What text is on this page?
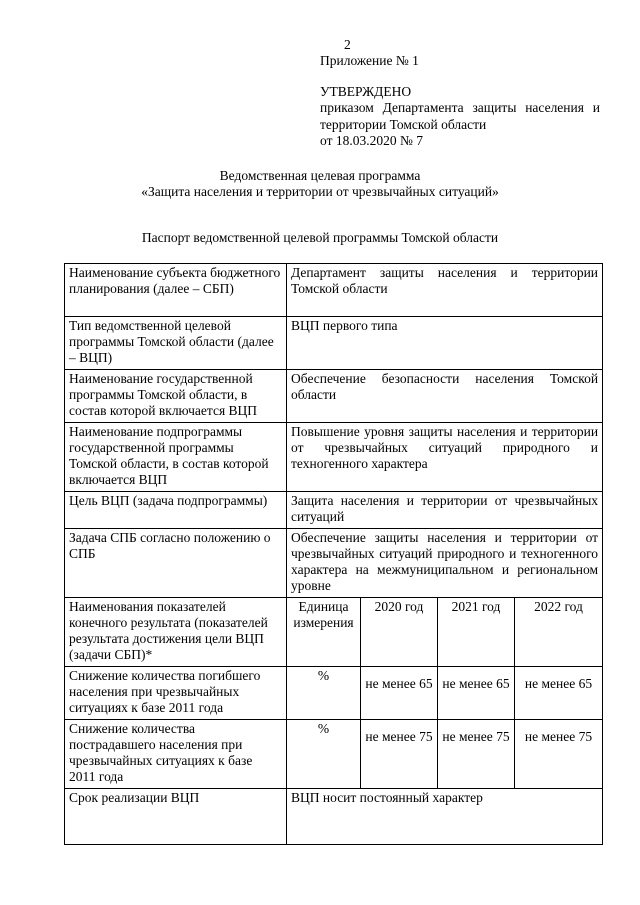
2
Приложение № 1
УТВЕРЖДЕНО
приказом Департамента защиты населения и
территории Томской области
от 18.03.2020 № 7
Ведомственная целевая программа
«Защита населения и территории от чрезвычайных ситуаций»
Паспорт ведомственной целевой программы Томской области
Наименование субъекта бюджетного планирования (далее – СБП)	Департамент защиты населения и территории Томской области			
Тип ведомственной целевой программы Томской области (далее – ВЦП)	ВЦП первого типа			
Наименование государственной программы Томской области, в состав которой включается ВЦП	Обеспечение безопасности населения Томской области			
Наименование подпрограммы государственной программы Томской области, в состав которой включается ВЦП	Повышение уровня защиты населения и территории от чрезвычайных ситуаций природного и техногенного характера			
Цель ВЦП (задача подпрограммы)	Защита населения и территории от чрезвычайных ситуаций			
Задача СПБ согласно положению о СПБ	Обеспечение защиты населения и территории от чрезвычайных ситуаций природного и техногенного характера на межмуниципальном и региональном уровне			
Наименования показателей конечного результата (показателей результата достижения цели ВЦП (задачи СБП)*	Единица измерения	2020 год	2021 год	2022 год
Снижение количества погибшего населения при чрезвычайных ситуациях к базе 2011 года	%	не менее 65	не менее 65	не менее 65

Снижение количества пострадавшего населения при чрезвычайных ситуациях к базе 2011 года	%	не менее 75	не менее 75	не менее 75

Срок реализации ВЦП	ВЦП носит постоянный характер			
